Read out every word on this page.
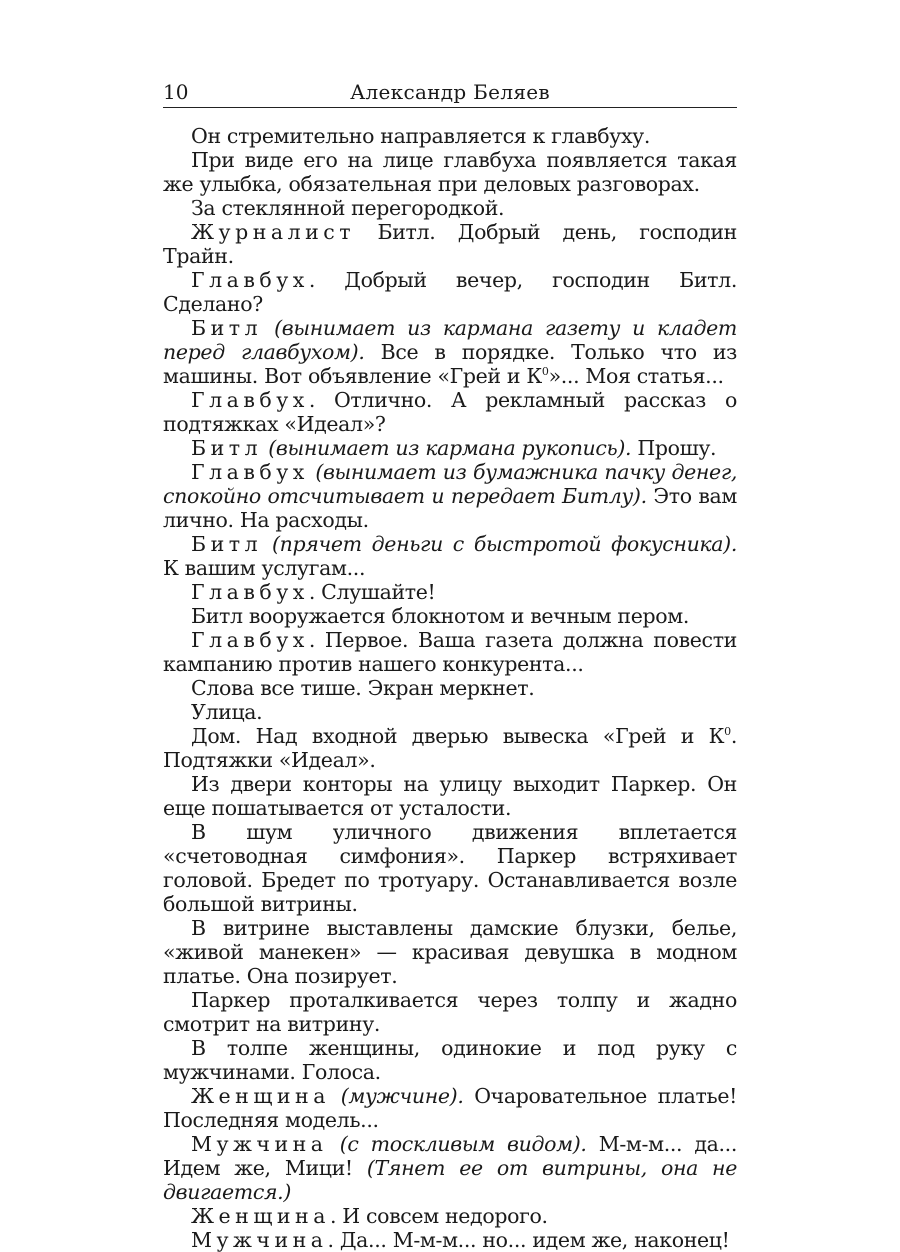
10	Александр Беляев

Он стремительно направляется к главбуху.

При виде его на лице главбуха появляется такая же улыбка, обязательная при деловых разговорах.

За стеклянной перегородкой.

Журналист Битл. Добрый день, господин Трайн.

Главбух. Добрый вечер, господин Битл. Сделано?

Битл (вынимает из кармана газету и кладет перед главбухом). Все в порядке. Только что из машины. Вот объявление «Грей и $К^0$»... Моя статья...

Главбух. Отлично. А рекламный рассказ о подтяжках «Идеал»?

Битл (вынимает из кармана рукопись). Прошу.

Главбух (вынимает из бумажника пачку денег, спокойно отсчитывает и передает Битлу). Это вам лично. На расходы.

Битл (прячет деньги с быстротой фокусника). К вашим услугам...

Главбух. Слушайте!

Битл вооружается блокнотом и вечным пером.

Главбух. Первое. Ваша газета должна повести кампанию против нашего конкурента...

Слова все тише. Экран меркнет.

Улица.

Дом. Над входной дверью вывеска «Грей и $К^0$. Подтяжки «Идеал».

Из двери конторы на улицу выходит Паркер. Он еще пошатывается от усталости.

В шум уличного движения вплетается «счетоводная симфония». Паркер встряхивает головой. Бредет по тротуару. Останавливается возле большой витрины.

В витрине выставлены дамские блузки, белье, «живой манекен» — красивая девушка в модном платье. Она позирует.

Паркер проталкивается через толпу и жадно смотрит на витрину.

В толпе женщины, одинокие и под руку с мужчинами. Голоса.

Женщина (мужчине). Очаровательное платье! Последняя модель...

Мужчина (с тоскливым видом). М-м-м... да... Идем же, Мици! (Тянет ее от витрины, она не двигается.)

Женщина. И совсем недорого.

Мужчина. Да... М-м-м... но... идем же, наконец!
